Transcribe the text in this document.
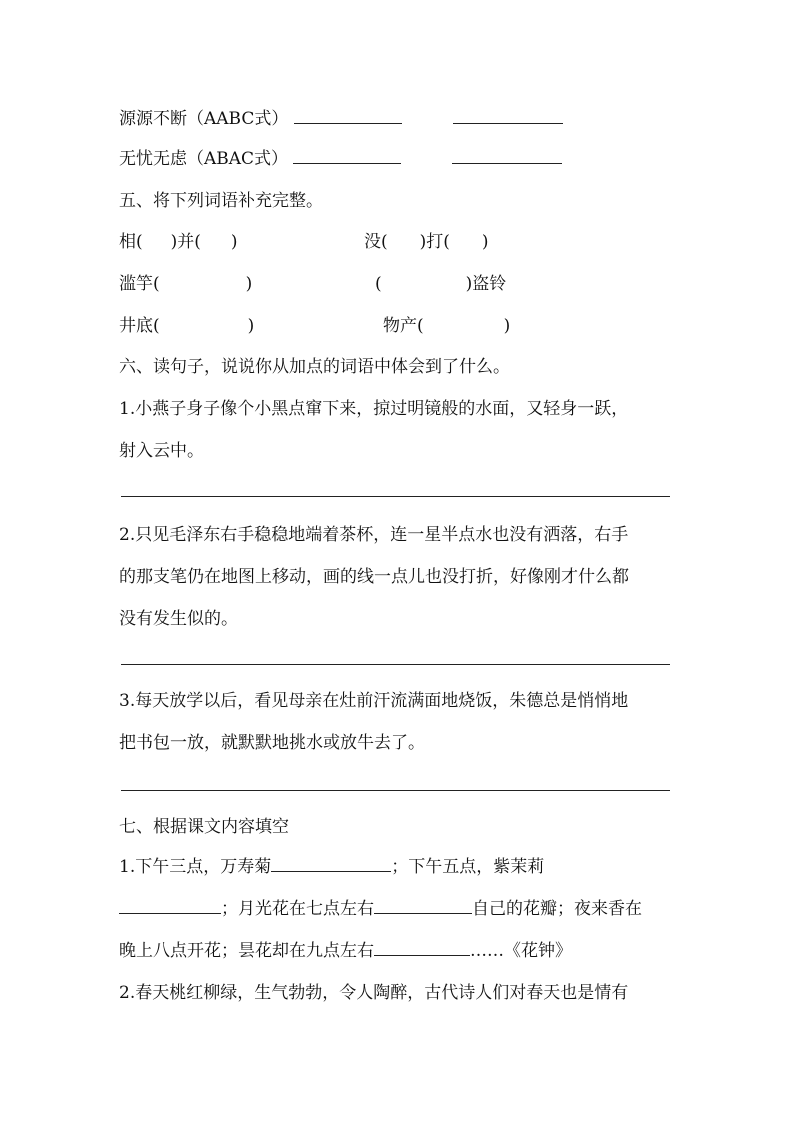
源源不断（AABC式）
无忧无虑（ABAC式）
五、将下列词语补充完整。
相( )并( )	没( )打( )
滥竽(	)	(	)盗铃
井底(	)	物产(	)
六、读句子，说说你从加点的词语中体会到了什么。
1.小燕子身子像个小黑点窜下来，掠过明镜般的水面，又轻身一跃，
射入云中。
2.只见毛泽东右手稳稳地端着茶杯，连一星半点水也没有洒落，右手
的那支笔仍在地图上移动，画的线一点儿也没打折，好像刚才什么都
没有发生似的。
3.每天放学以后，看见母亲在灶前汗流满面地烧饭，朱德总是悄悄地
把书包一放，就默默地挑水或放牛去了。
七、根据课文内容填空
1.下午三点，万寿菊	；下午五点，紫茉莉
；月光花在七点左右	自己的花瓣；夜来香在
晚上八点开花；昙花却在九点左右	……《花钟》
2.春天桃红柳绿，生气勃勃，令人陶醉，古代诗人们对春天也是情有
